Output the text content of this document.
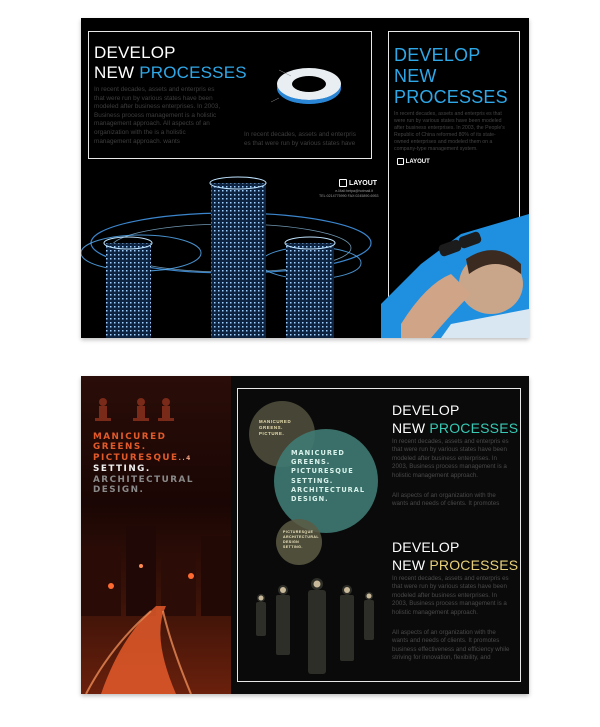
DEVELOP
NEW PROCESSES
In recent decades, assets and enterpris es that were run by various states have been modeled after business enterprises. In 2003, Business process management is a holistic management approach. All aspects of an organization with the is a holistic management approach. wants
In recent decades, assets and enterpris es that were run by various states have
LAYOUT
e-Mail:hetpa@hotmail.it
TEL:0214775990 FAX:0245890-6953
DEVELOP
NEW
PROCESSES
In recent decades, assets and enterpris es that were run by various states have been modeled after business enterprises. In 2003, the People's Republic of China reformed 80% of its state-owned enterprises and modeled them on a company-type management system.
LAYOUT
MANICURED
GREENS.
PICTURESQUE..4
SETTING.
ARCHITECTURAL
DESIGN.
MANICURED GREENS. PICTURE.
MANICURED
GREENS.
PICTURESQUE
SETTING.
ARCHITECTURAL
DESIGN.
PICTURESQUE ARCHITECTURAL DESIGN SETTING.
DEVELOP
NEW PROCESSES
In recent decades, assets and enterpris es that were run by various states have been modeled after business enterprises. In 2003, Business process management is a holistic management approach.
All aspects of an organization with the wants and needs of clients. It promotes
DEVELOP
NEW PROCESSES
In recent decades, assets and enterpris es that were run by various states have been modeled after business enterprises. In 2003, Business process management is a holistic management approach.
All aspects of an organization with the wants and needs of clients. It promotes business effectiveness and efficiency while striving for innovation, flexibility, and
